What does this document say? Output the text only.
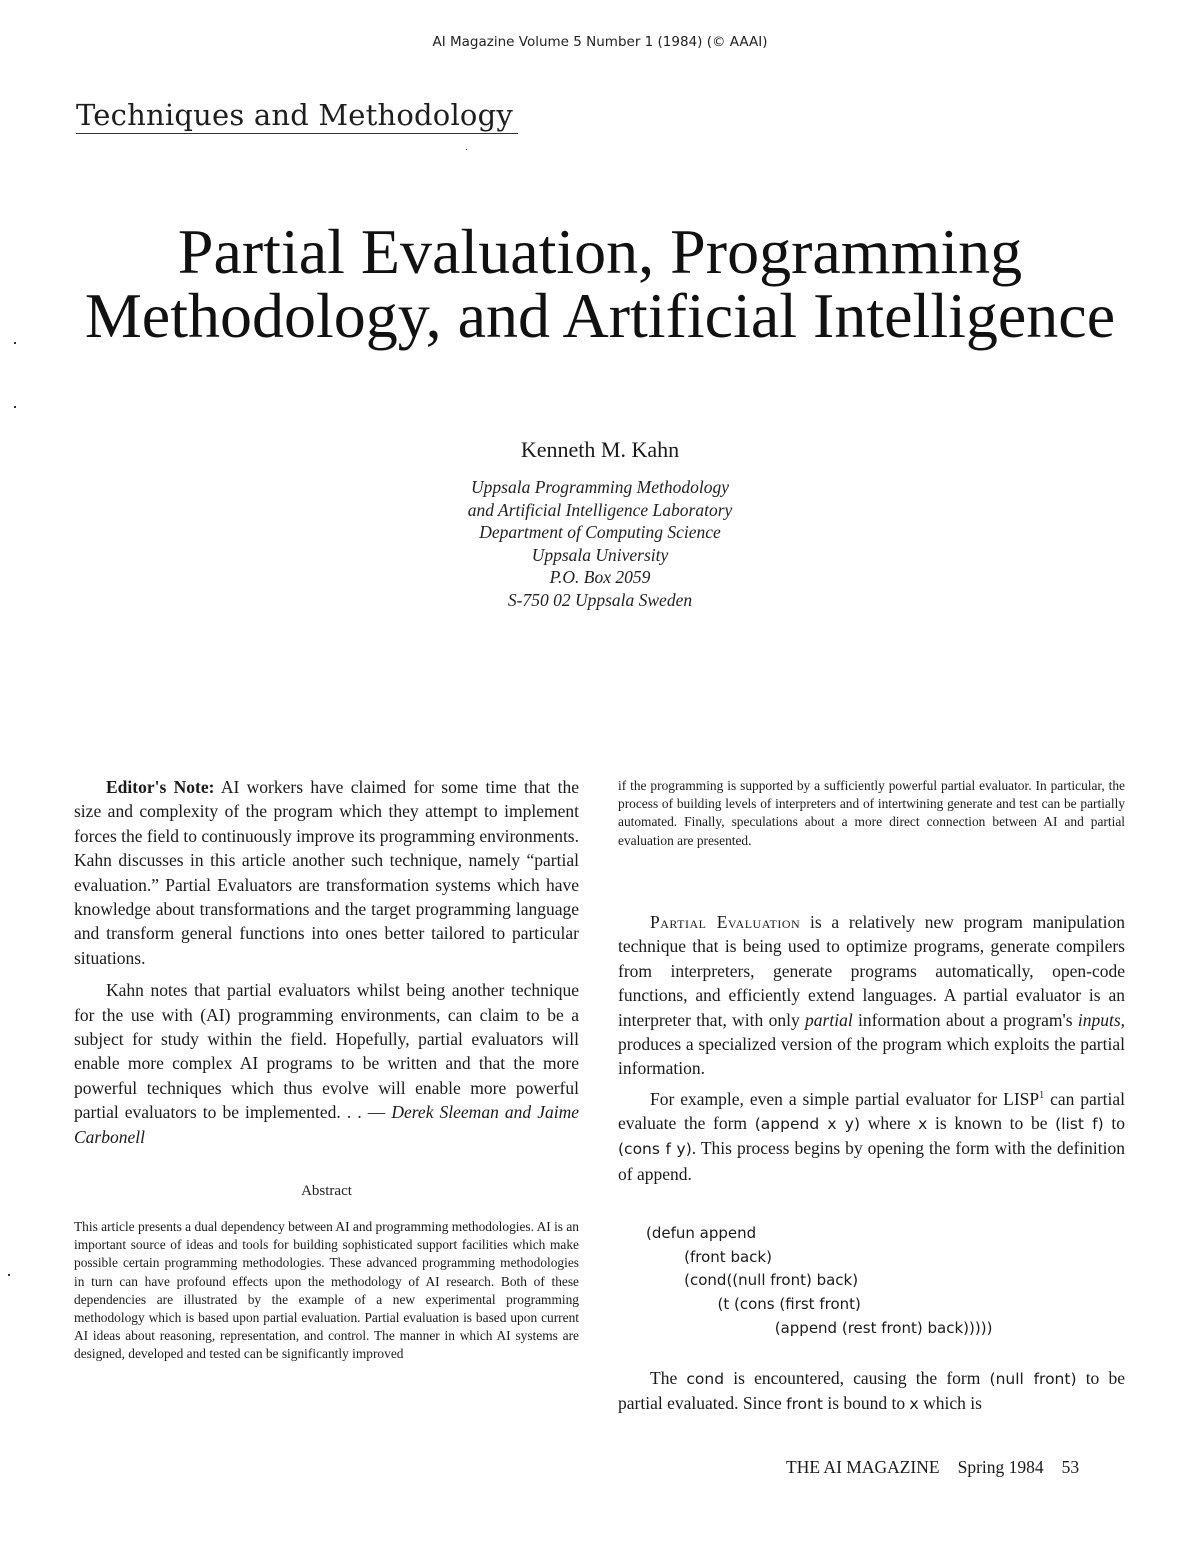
AI Magazine Volume 5 Number 1 (1984) (© AAAI)
Techniques and Methodology
Partial Evaluation, Programming
Methodology, and Artificial Intelligence
Kenneth M. Kahn
Uppsala Programming Methodology
and Artificial Intelligence Laboratory
Department of Computing Science
Uppsala University
P.O. Box 2059
S-750 02 Uppsala Sweden

Editor's Note: AI workers have claimed for some time that the size and complexity of the program which they attempt to implement forces the field to continuously improve its programming environments. Kahn discusses in this article another such technique, namely “partial evaluation.” Partial Evaluators are transformation systems which have knowledge about transformations and the target programming language and transform general functions into ones better tailored to particular situations.

Kahn notes that partial evaluators whilst being another technique for the use with (AI) programming environments, can claim to be a subject for study within the field. Hopefully, partial evaluators will enable more complex AI programs to be written and that the more powerful techniques which thus evolve will enable more powerful partial evaluators to be implemented. . . — Derek Sleeman and Jaime Carbonell

Abstract
This article presents a dual dependency between AI and programming methodologies. AI is an important source of ideas and tools for building sophisticated support facilities which make possible certain programming methodologies. These advanced programming methodologies in turn can have profound effects upon the methodology of AI research. Both of these dependencies are illustrated by the example of a new experimental programming methodology which is based upon partial evaluation. Partial evaluation is based upon current AI ideas about reasoning, representation, and control. The manner in which AI systems are designed, developed and tested can be significantly improved
if the programming is supported by a sufficiently powerful partial evaluator. In particular, the process of building levels of interpreters and of intertwining generate and test can be partially automated. Finally, speculations about a more direct connection between AI and partial evaluation are presented.

Partial Evaluation is a relatively new program manipulation technique that is being used to optimize programs, generate compilers from interpreters, generate programs automatically, open-code functions, and efficiently extend languages. A partial evaluator is an interpreter that, with only partial information about a program's inputs, produces a specialized version of the program which exploits the partial information.

For example, even a simple partial evaluator for LISP$^1$ can partial evaluate the form (append x y) where x is known to be (list f) to (cons f y). This process begins by opening the form with the definition of append.

(defun append
(front back)
(cond((null front) back)
(t (cons (first front)
(append (rest front) back)))))

The cond is encountered, causing the form (null front) to be partial evaluated. Since front is bound to x which is

THE AI MAGAZINE Spring 1984 53
